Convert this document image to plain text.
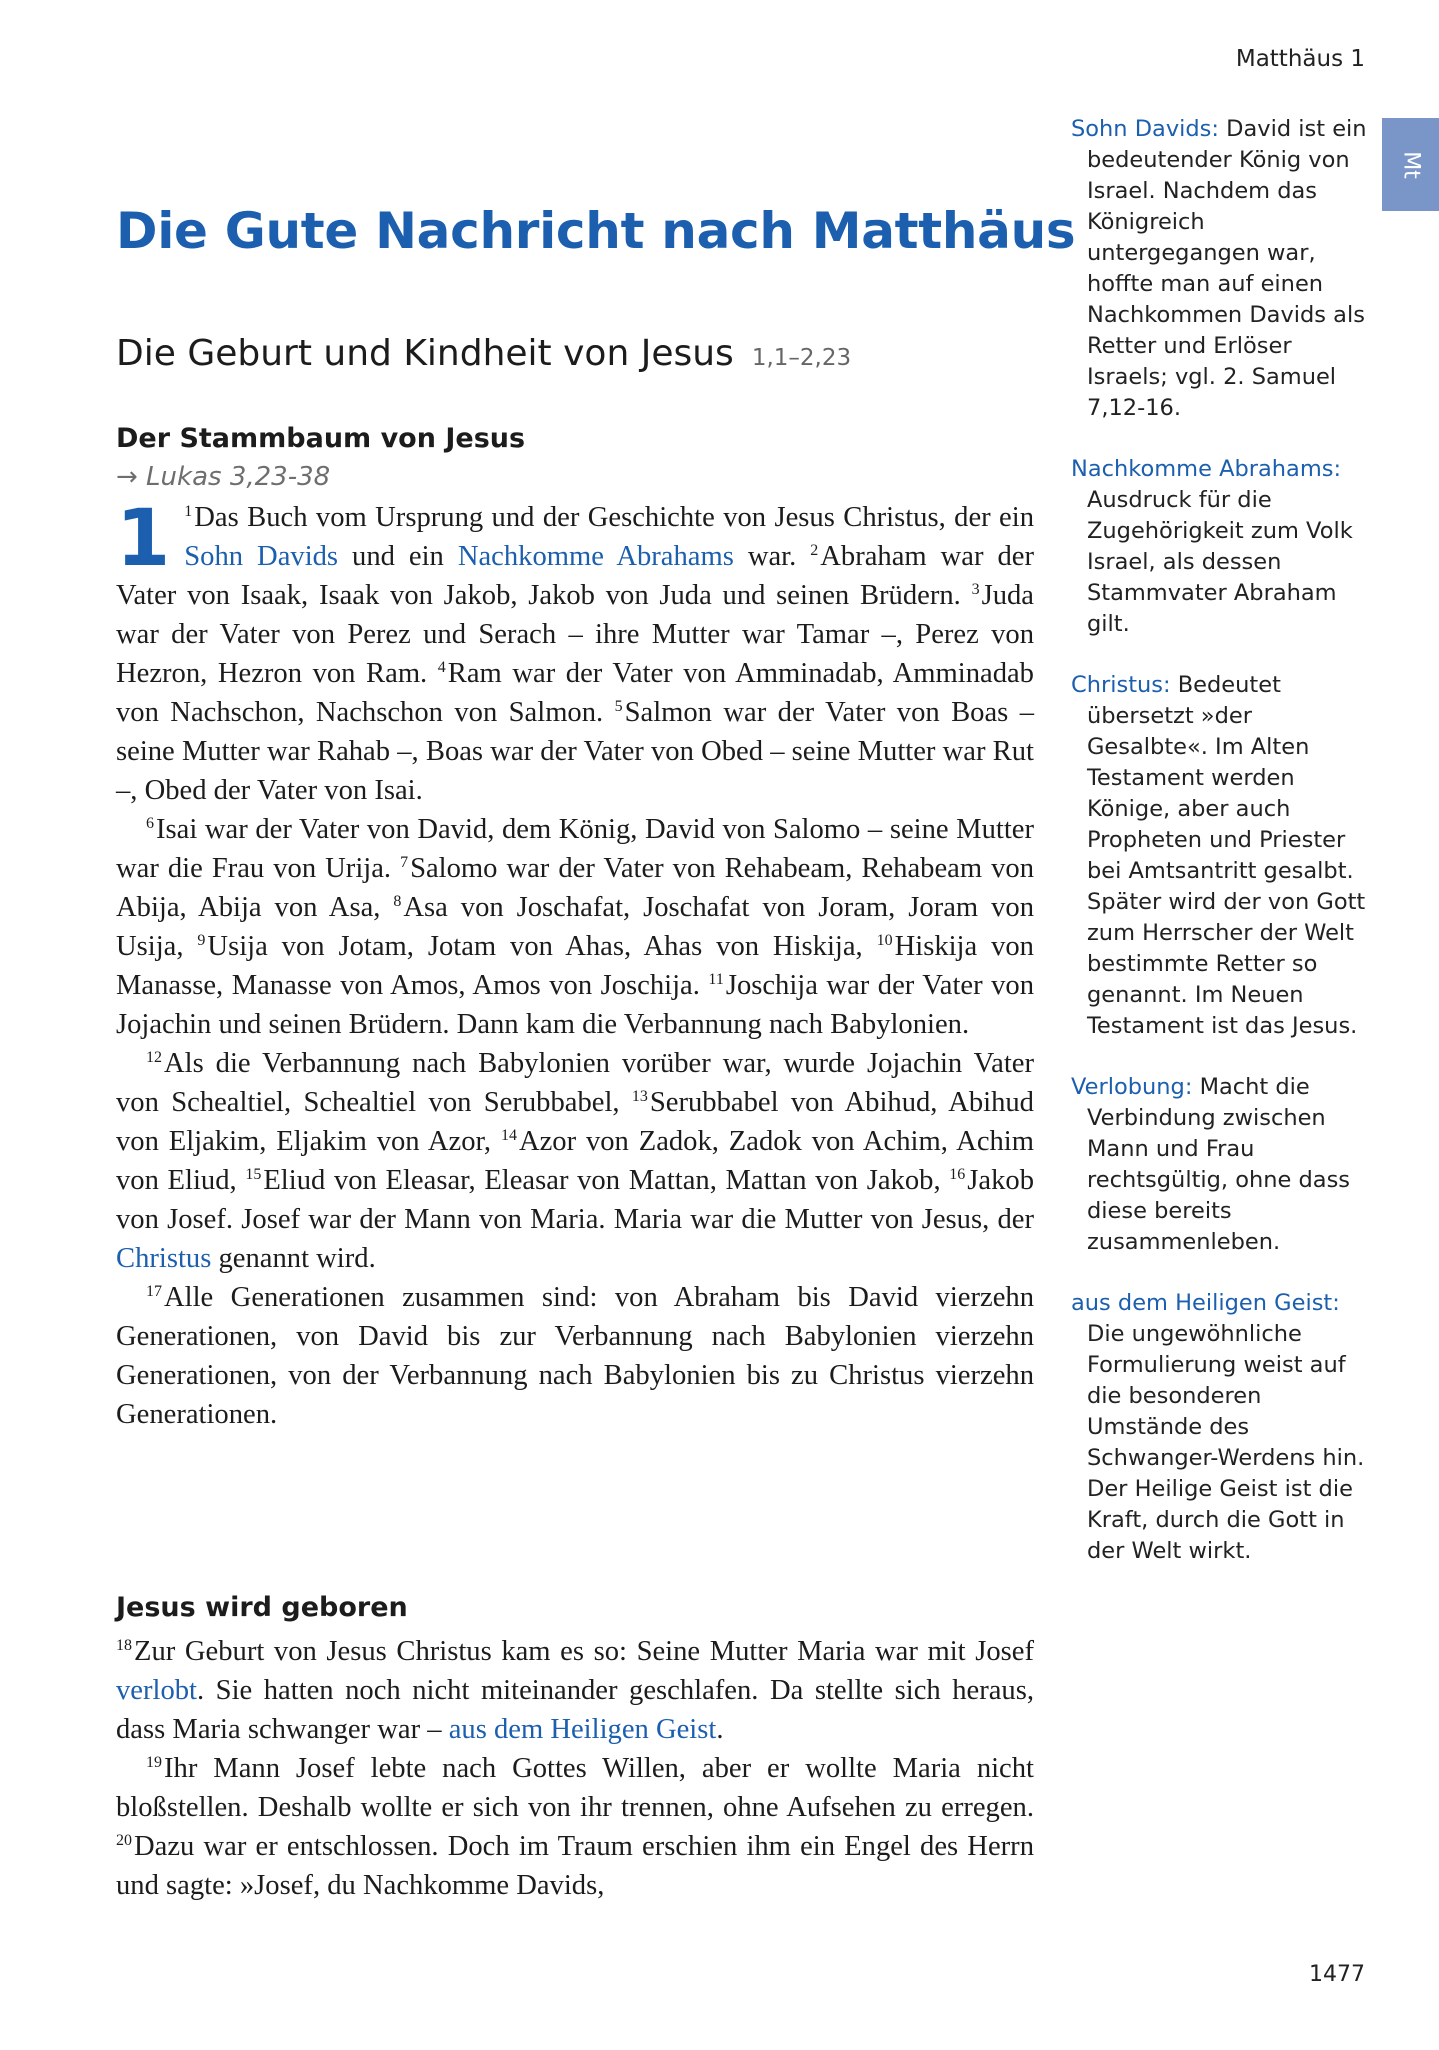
Matthäus 1
Mt
Die Gute Nachricht nach Matthäus
Die Geburt und Kindheit von Jesus 1,1–2,23
Der Stammbaum von Jesus
→ Lukas 3,23-38

1 $^1$Das Buch vom Ursprung und der Geschichte von Jesus Christus, der ein Sohn Davids und ein Nachkomme Abrahams war. $^2$Abraham war der Vater von Isaak, Isaak von Jakob, Jakob von Juda und seinen Brüdern. $^3$Juda war der Vater von Perez und Serach – ihre Mutter war Tamar –, Perez von Hezron, Hezron von Ram. $^4$Ram war der Vater von Amminadab, Amminadab von Nachschon, Nachschon von Salmon. $^5$Salmon war der Vater von Boas – seine Mutter war Rahab –, Boas war der Vater von Obed – seine Mutter war Rut –, Obed der Vater von Isai.

$^6$Isai war der Vater von David, dem König, David von Salomo – seine Mutter war die Frau von Urija. $^7$Salomo war der Vater von Rehabeam, Rehabeam von Abija, Abija von Asa, $^8$Asa von Joschafat, Joschafat von Joram, Joram von Usija, $^9$Usija von Jotam, Jotam von Ahas, Ahas von Hiskija, $^{10}$Hiskija von Manasse, Manasse von Amos, Amos von Joschija. $^{11}$Joschija war der Vater von Jojachin und seinen Brüdern. Dann kam die Verbannung nach Babylonien.

$^{12}$Als die Verbannung nach Babylonien vorüber war, wurde Jojachin Vater von Schealtiel, Schealtiel von Serubbabel, $^{13}$Serubbabel von Abihud, Abihud von Eljakim, Eljakim von Azor, $^{14}$Azor von Zadok, Zadok von Achim, Achim von Eliud, $^{15}$Eliud von Eleasar, Eleasar von Mattan, Mattan von Jakob, $^{16}$Jakob von Josef. Josef war der Mann von Maria. Maria war die Mutter von Jesus, der Christus genannt wird.

$^{17}$Alle Generationen zusammen sind: von Abraham bis David vierzehn Generationen, von David bis zur Verbannung nach Babylonien vierzehn Generationen, von der Verbannung nach Babylonien bis zu Christus vierzehn Generationen.

Jesus wird geboren

$^{18}$Zur Geburt von Jesus Christus kam es so: Seine Mutter Maria war mit Josef verlobt. Sie hatten noch nicht miteinander geschlafen. Da stellte sich heraus, dass Maria schwanger war – aus dem Heiligen Geist.

$^{19}$Ihr Mann Josef lebte nach Gottes Willen, aber er wollte Maria nicht bloßstellen. Deshalb wollte er sich von ihr trennen, ohne Aufsehen zu erregen. $^{20}$Dazu war er entschlossen. Doch im Traum erschien ihm ein Engel des Herrn und sagte: »Josef, du Nachkomme Davids,

Sohn Davids: David ist ein bedeutender König von Israel. Nachdem das Königreich untergegangen war, hoffte man auf einen Nachkommen Davids als Retter und Erlöser Israels; vgl. 2. Samuel 7,12-16.

Nachkomme Abrahams: Ausdruck für die Zugehörigkeit zum Volk Israel, als dessen Stammvater Abraham gilt.

Christus: Bedeutet übersetzt »der Gesalbte«. Im Alten Testament werden Könige, aber auch Propheten und Priester bei Amtsantritt gesalbt. Später wird der von Gott zum Herrscher der Welt bestimmte Retter so genannt. Im Neuen Testament ist das Jesus.

Verlobung: Macht die Verbindung zwischen Mann und Frau rechtsgültig, ohne dass diese bereits zusammenleben.

aus dem Heiligen Geist: Die ungewöhnliche Formulierung weist auf die besonderen Umstände des Schwanger-Werdens hin. Der Heilige Geist ist die Kraft, durch die Gott in der Welt wirkt.

1477
